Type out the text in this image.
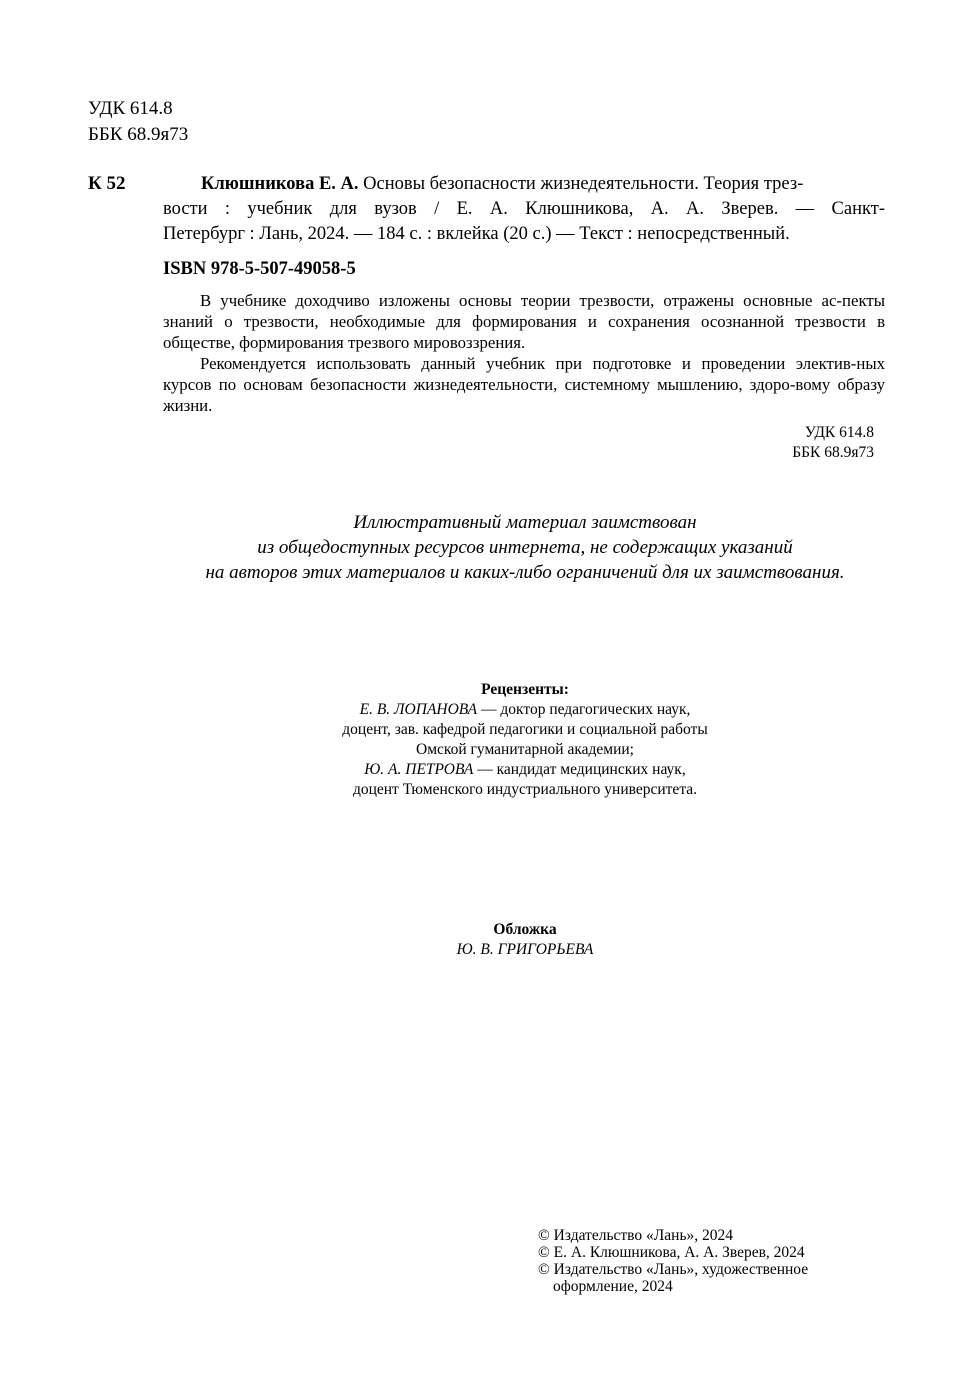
УДК 614.8
ББК 68.9я73
К 52	Клюшникова Е. А. Основы безопасности жизнедеятельности. Теория трез-
вости : учебник для вузов / Е. А. Клюшникова, А. А. Зверев. — Санкт-
Петербург : Лань, 2024. — 184 с. : вклейка (20 с.) — Текст : непосредственный.
ISBN 978-5-507-49058-5

В учебнике доходчиво изложены основы теории трезвости, отражены основные ас-пекты знаний о трезвости, необходимые для формирования и сохранения осознанной трезвости в обществе, формирования трезвого мировоззрения.

Рекомендуется использовать данный учебник при подготовке и проведении электив-ных курсов по основам безопасности жизнедеятельности, системному мышлению, здоро-вому образу жизни.

УДК 614.8
ББК 68.9я73
Иллюстративный материал заимствован
из общедоступных ресурсов интернета, не содержащих указаний
на авторов этих материалов и каких-либо ограничений для их заимствования.
Рецензенты:
Е. В. ЛОПАНОВА — доктор педагогических наук,
доцент, зав. кафедрой педагогики и социальной работы
Омской гуманитарной академии;
Ю. А. ПЕТРОВА — кандидат медицинских наук,
доцент Тюменского индустриального университета.
Обложка
Ю. В. ГРИГОРЬЕВА
© Издательство «Лань», 2024
© Е. А. Клюшникова, А. А. Зверев, 2024
© Издательство «Лань», художественное
оформление, 2024
